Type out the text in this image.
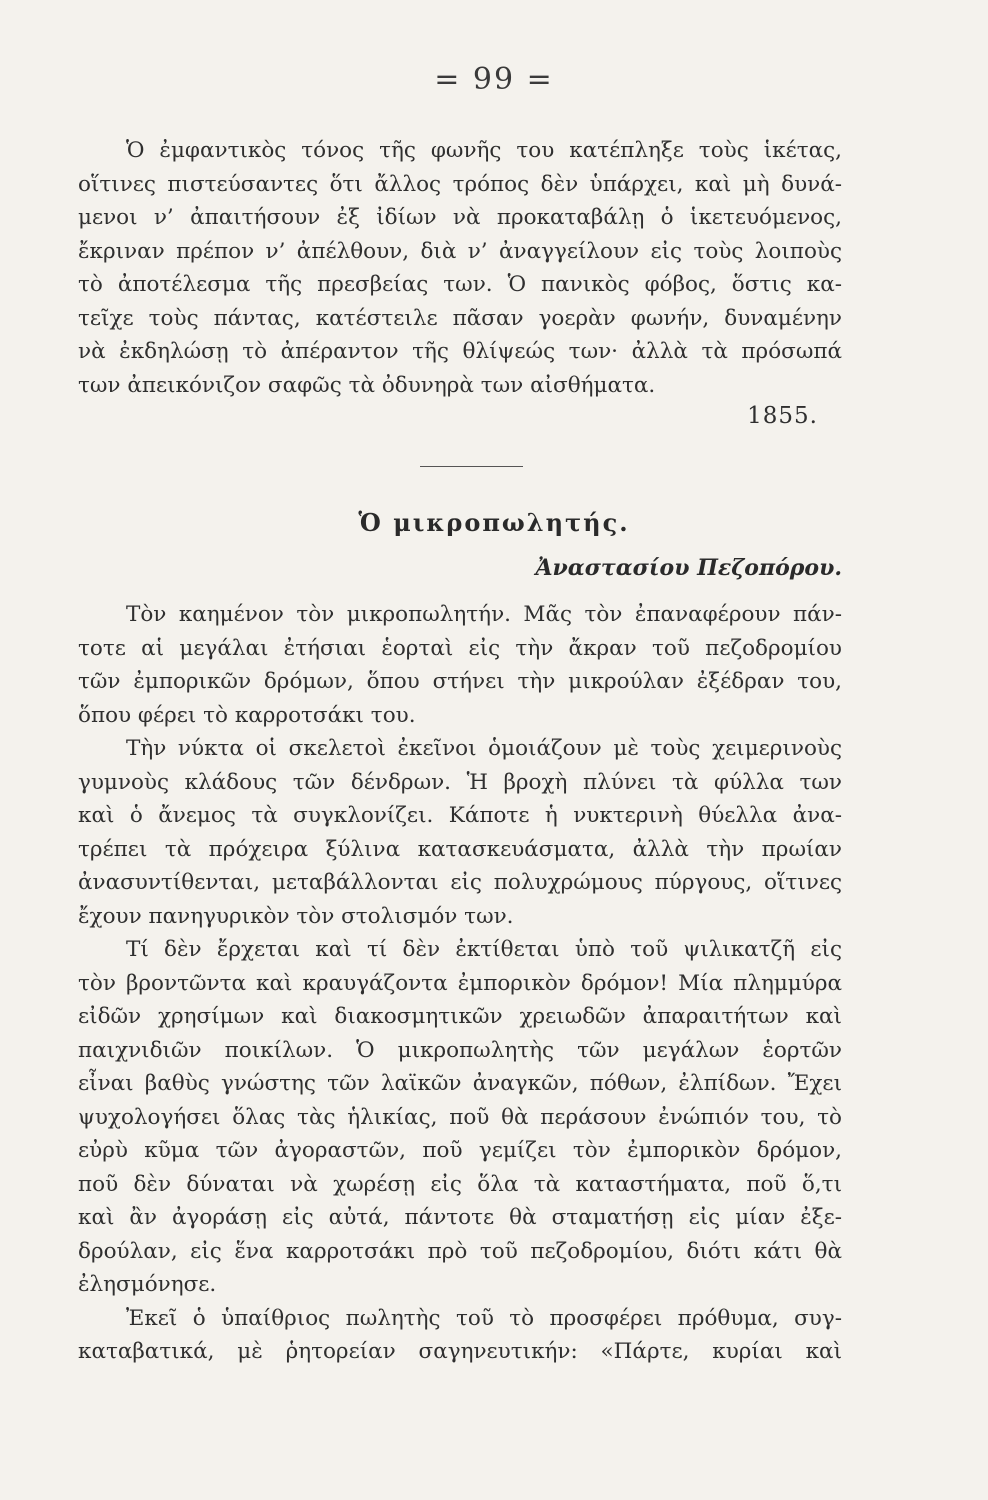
= 99 =

Ὁ ἐμφαντικὸς τόνος τῆς φωνῆς του κατέπληξε τοὺς ἱκέτας,
οἵτινες πιστεύσαντες ὅτι ἄλλος τρόπος δὲν ὑπάρχει, καὶ μὴ δυνά-
μενοι ν’ ἀπαιτήσουν ἐξ ἰδίων νὰ προκαταβάλῃ ὁ ἱκετευόμενος,
ἔκριναν πρέπον ν’ ἀπέλθουν, διὰ ν’ ἀναγγείλουν εἰς τοὺς λοιποὺς
τὸ ἀποτέλεσμα τῆς πρεσβείας των. Ὁ πανικὸς φόβος, ὅστις κα-
τεῖχε τοὺς πάντας, κατέστειλε πᾶσαν γοερὰν φωνήν, δυναμένην
νὰ ἐκδηλώσῃ τὸ ἀπέραντον τῆς θλίψεώς των· ἀλλὰ τὰ πρόσωπά
των ἀπεικόνιζον σαφῶς τὰ ὀδυνηρὰ των αἰσθήματα.

1855.
Ὁ μικροπωλητής.
Ἀναστασίου Πεζοπόρου.

Τὸν καημένον τὸν μικροπωλητήν. Μᾶς τὸν ἐπαναφέρουν πάν-
τοτε αἱ μεγάλαι ἐτήσιαι ἑορταὶ εἰς τὴν ἄκραν τοῦ πεζοδρομίου
τῶν ἐμπορικῶν δρόμων, ὅπου στήνει τὴν μικρούλαν ἐξέδραν του,
ὅπου φέρει τὸ καρροτσάκι του.
Τὴν νύκτα οἱ σκελετοὶ ἐκεῖνοι ὁμοιάζουν μὲ τοὺς χειμερινοὺς
γυμνοὺς κλάδους τῶν δένδρων. Ἡ βροχὴ πλύνει τὰ φύλλα των
καὶ ὁ ἄνεμος τὰ συγκλονίζει. Κάποτε ἡ νυκτερινὴ θύελλα ἀνα-
τρέπει τὰ πρόχειρα ξύλινα κατασκευάσματα, ἀλλὰ τὴν πρωίαν
ἀνασυντίθενται, μεταβάλλονται εἰς πολυχρώμους πύργους, οἵτινες
ἔχουν πανηγυρικὸν τὸν στολισμόν των.
Τί δὲν ἔρχεται καὶ τί δὲν ἐκτίθεται ὑπὸ τοῦ ψιλικατζῆ εἰς
τὸν βροντῶντα καὶ κραυγάζοντα ἐμπορικὸν δρόμον! Μία πλημμύρα
εἰδῶν χρησίμων καὶ διακοσμητικῶν χρειωδῶν ἀπαραιτήτων καὶ
παιχνιδιῶν ποικίλων. Ὁ μικροπωλητὴς τῶν μεγάλων ἑορτῶν
εἶναι βαθὺς γνώστης τῶν λαϊκῶν ἀναγκῶν, πόθων, ἐλπίδων. Ἔχει
ψυχολογήσει ὅλας τὰς ἡλικίας, ποῦ θὰ περάσουν ἐνώπιόν του, τὸ
εὐρὺ κῦμα τῶν ἀγοραστῶν, ποῦ γεμίζει τὸν ἐμπορικὸν δρόμον,
ποῦ δὲν δύναται νὰ χωρέσῃ εἰς ὅλα τὰ καταστήματα, ποῦ ὅ,τι
καὶ ἂν ἀγοράσῃ εἰς αὐτά, πάντοτε θὰ σταματήσῃ εἰς μίαν ἐξε-
δρούλαν, εἰς ἕνα καρροτσάκι πρὸ τοῦ πεζοδρομίου, διότι κάτι θὰ
ἐλησμόνησε.
Ἐκεῖ ὁ ὑπαίθριος πωλητὴς τοῦ τὸ προσφέρει πρόθυμα, συγ-
καταβατικά, μὲ ῥητορείαν σαγηνευτικήν: «Πάρτε, κυρίαι καὶ
